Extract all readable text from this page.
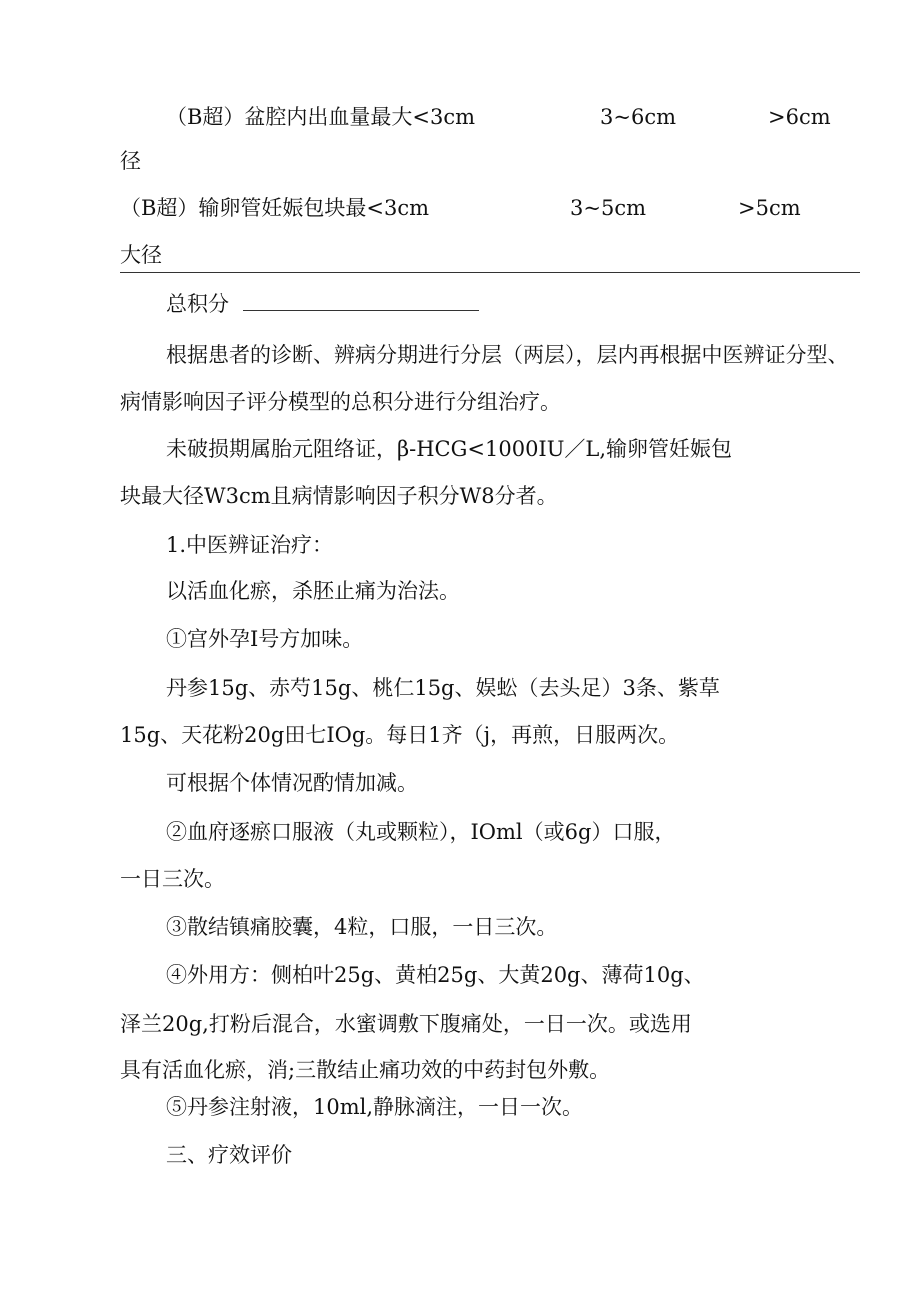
（B超）盆腔内出血量最大<3cm	3~6cm	>6cm
径
（B超）输卵管妊娠包块最<3cm	3~5cm	>5cm
大径
总积分
根据患者的诊断、辨病分期进行分层（两层），层内再根据中医辨证分型、
病情影响因子评分模型的总积分进行分组治疗。
未破损期属胎元阻络证，β-HCG<1000IU／L,输卵管妊娠包
块最大径W3cm且病情影响因子积分W8分者。
1.中医辨证治疗：
以活血化瘀，杀胚止痛为治法。
①宫外孕I号方加味。
丹参15g、赤芍15g、桃仁15g、娱蚣（去头足）3条、紫草
15g、天花粉20g田七IOg。每日1齐（j，再煎，日服两次。
可根据个体情况酌情加减。
②血府逐瘀口服液（丸或颗粒），IOml（或6g）口服，
一日三次。
③散结镇痛胶囊，4粒，口服，一日三次。
④外用方：侧柏叶25g、黄柏25g、大黄20g、薄荷10g、
泽兰20g,打粉后混合，水蜜调敷下腹痛处，一日一次。或选用
具有活血化瘀，消;三散结止痛功效的中药封包外敷。
⑤丹参注射液，10ml,静脉滴注，一日一次。
三、疗效评价
